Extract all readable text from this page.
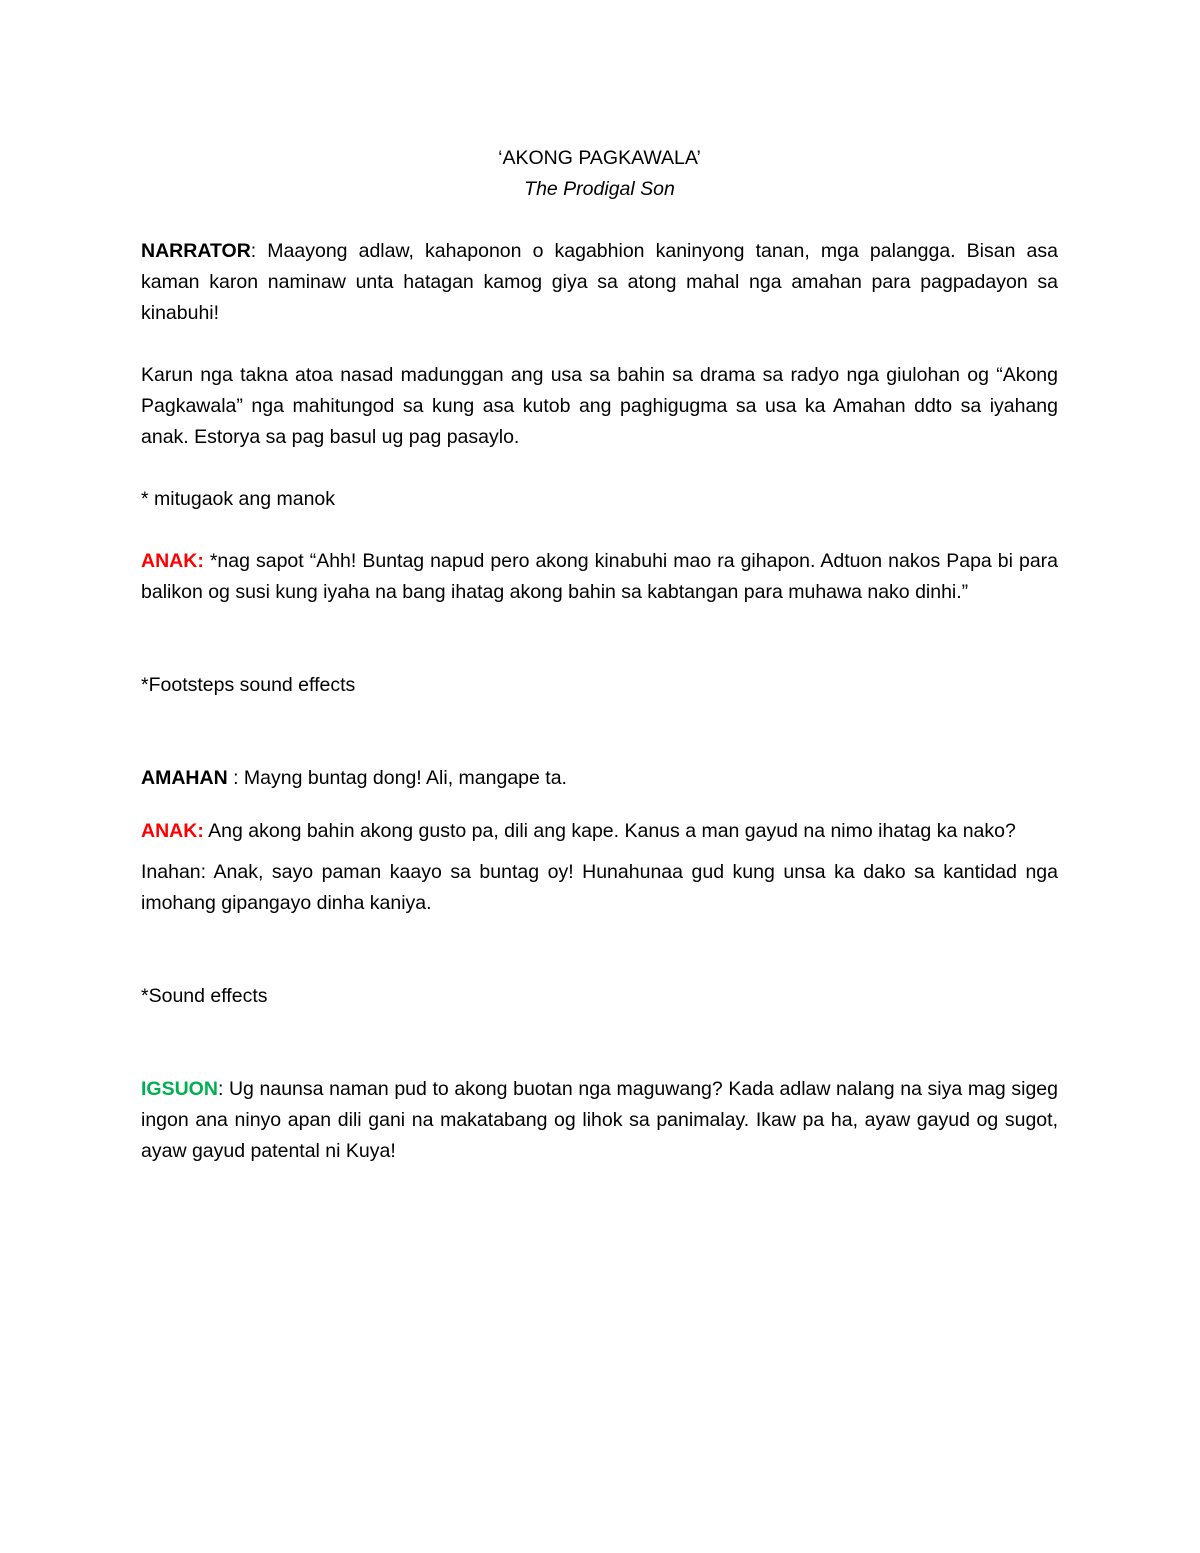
‘AKONG PAGKAWALA’

The Prodigal Son

NARRATOR: Maayong adlaw, kahaponon o kagabhion kaninyong tanan, mga palangga. Bisan asa kaman karon naminaw unta hatagan kamog giya sa atong mahal nga amahan para pagpadayon sa kinabuhi!

Karun nga takna atoa nasad madunggan ang usa sa bahin sa drama sa radyo nga giulohan og “Akong Pagkawala” nga mahitungod sa kung asa kutob ang paghigugma sa usa ka Amahan ddto sa iyahang anak. Estorya sa pag basul ug pag pasaylo.

* mitugaok ang manok

ANAK: *nag sapot “Ahh! Buntag napud pero akong kinabuhi mao ra gihapon. Adtuon nakos Papa bi para balikon og susi kung iyaha na bang ihatag akong bahin sa kabtangan para muhawa nako dinhi.”

*Footsteps sound effects

AMAHAN : Mayng buntag dong! Ali, mangape ta.

ANAK: Ang akong bahin akong gusto pa, dili ang kape. Kanus a man gayud na nimo ihatag ka nako?

Inahan: Anak, sayo paman kaayo sa buntag oy! Hunahunaa gud kung unsa ka dako sa kantidad nga imohang gipangayo dinha kaniya.

*Sound effects

IGSUON: Ug naunsa naman pud to akong buotan nga maguwang? Kada adlaw nalang na siya mag sigeg ingon ana ninyo apan dili gani na makatabang og lihok sa panimalay. Ikaw pa ha, ayaw gayud og sugot, ayaw gayud patental ni Kuya!
